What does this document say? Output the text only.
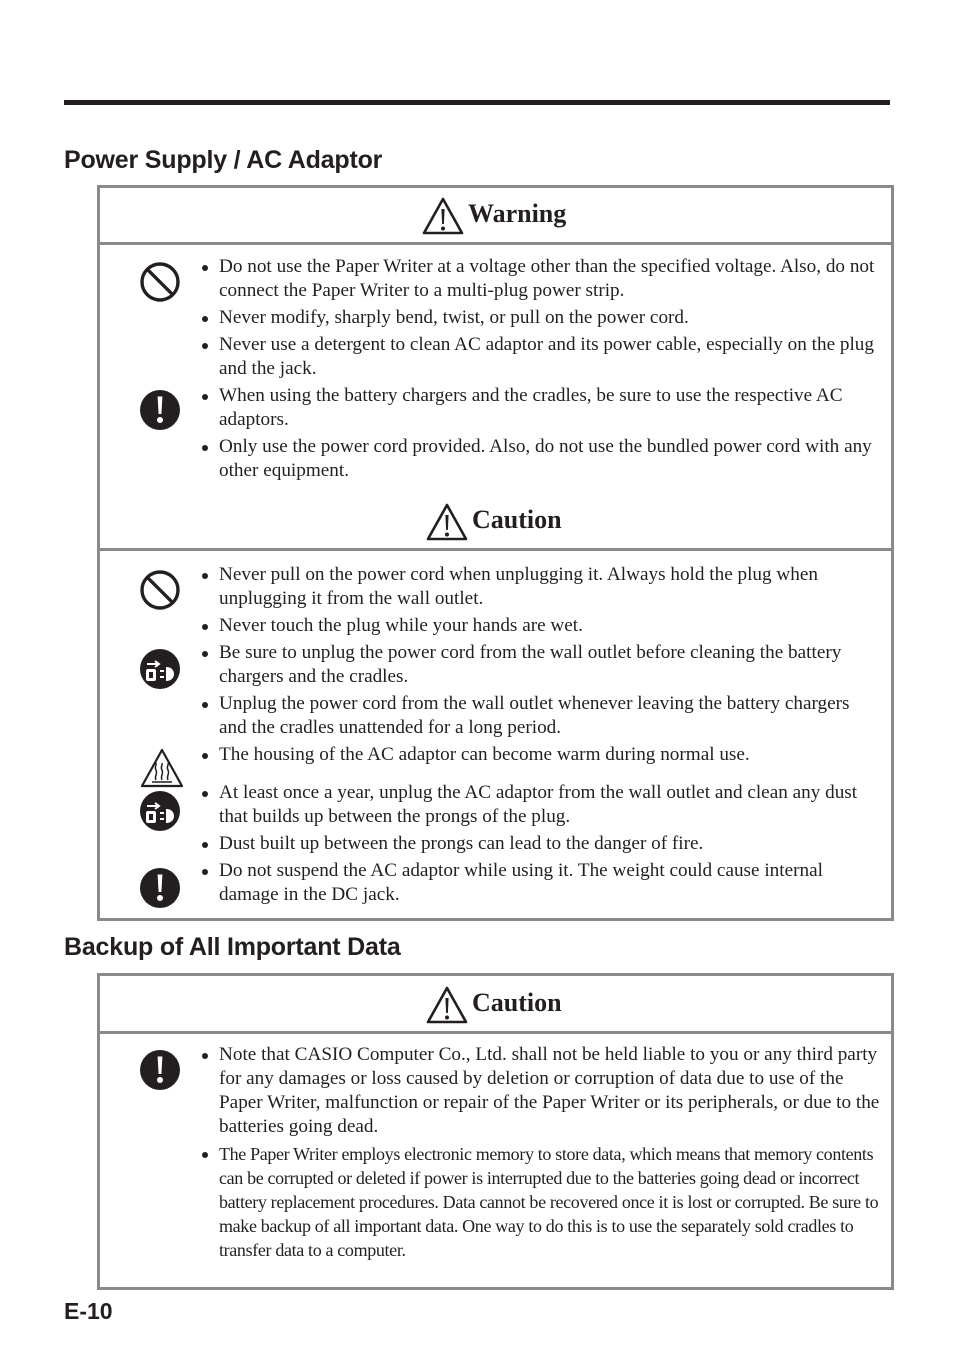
Power Supply / AC Adaptor
Warning
Do not use the Paper Writer at a voltage other than the specified voltage. Also, do not connect the Paper Writer to a multi-plug power strip.
Never modify, sharply bend, twist, or pull on the power cord.
Never use a detergent to clean AC adaptor and its power cable, especially on the plug and the jack.
When using the battery chargers and the cradles, be sure to use the respective AC adaptors.
Only use the power cord provided. Also, do not use the bundled power cord with any other equipment.
Caution
Never pull on the power cord when unplugging it. Always hold the plug when unplugging it from the wall outlet.
Never touch the plug while your hands are wet.
Be sure to unplug the power cord from the wall outlet before cleaning the battery chargers and the cradles.
Unplug the power cord from the wall outlet whenever leaving the battery chargers and the cradles unattended for a long period.
The housing of the AC adaptor can become warm during normal use.
At least once a year, unplug the AC adaptor from the wall outlet and clean any dust that builds up between the prongs of the plug.
Dust built up between the prongs can lead to the danger of fire.
Do not suspend the AC adaptor while using it. The weight could cause internal damage in the DC jack.
Backup of All Important Data
Caution
Note that CASIO Computer Co., Ltd. shall not be held liable to you or any third party for any damages or loss caused by deletion or corruption of data due to use of the Paper Writer, malfunction or repair of the Paper Writer or its peripherals, or due to the batteries going dead.
The Paper Writer employs electronic memory to store data, which means that memory contents can be corrupted or deleted if power is interrupted due to the batteries going dead or incorrect battery replacement procedures. Data cannot be recovered once it is lost or corrupted. Be sure to make backup of all important data. One way to do this is to use the separately sold cradles to transfer data to a computer.
E-10
